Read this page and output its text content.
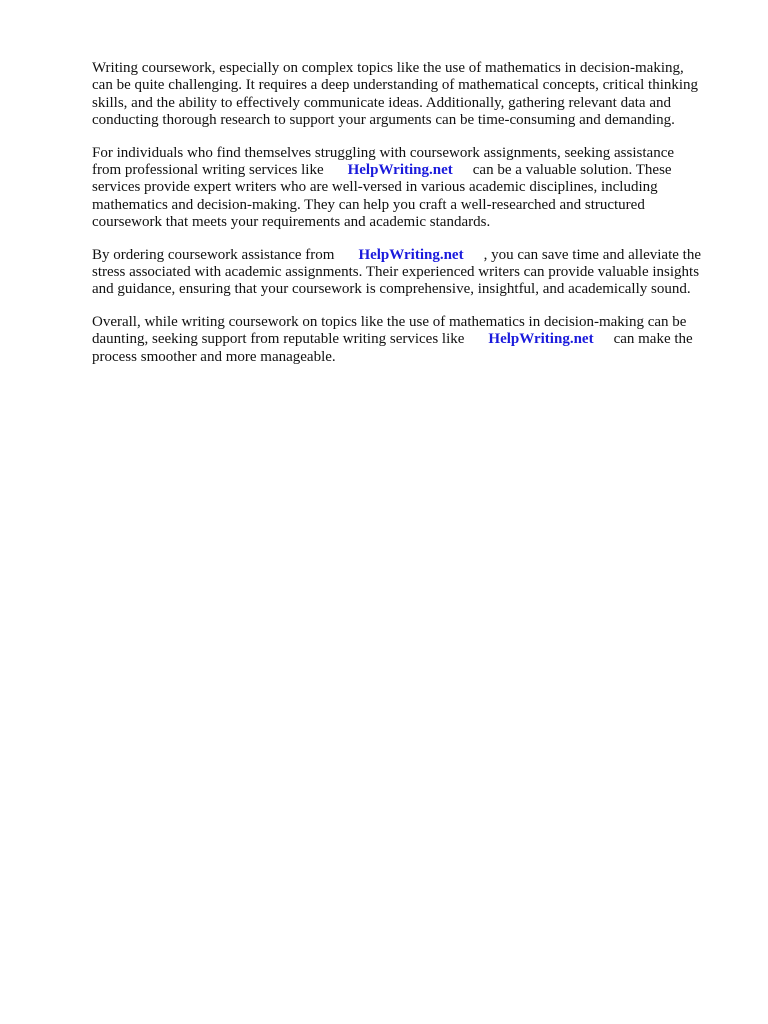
Writing coursework, especially on complex topics like the use of mathematics in decision-making,
can be quite challenging. It requires a deep understanding of mathematical concepts, critical thinking
skills, and the ability to effectively communicate ideas. Additionally, gathering relevant data and
conducting thorough research to support your arguments can be time-consuming and demanding.

For individuals who find themselves struggling with coursework assignments, seeking assistance
from professional writing services like HelpWriting.net can be a valuable solution. These
services provide expert writers who are well-versed in various academic disciplines, including
mathematics and decision-making. They can help you craft a well-researched and structured
coursework that meets your requirements and academic standards.

By ordering coursework assistance from HelpWriting.net , you can save time and alleviate the
stress associated with academic assignments. Their experienced writers can provide valuable insights
and guidance, ensuring that your coursework is comprehensive, insightful, and academically sound.

Overall, while writing coursework on topics like the use of mathematics in decision-making can be
daunting, seeking support from reputable writing services like HelpWriting.net can make the
process smoother and more manageable.
